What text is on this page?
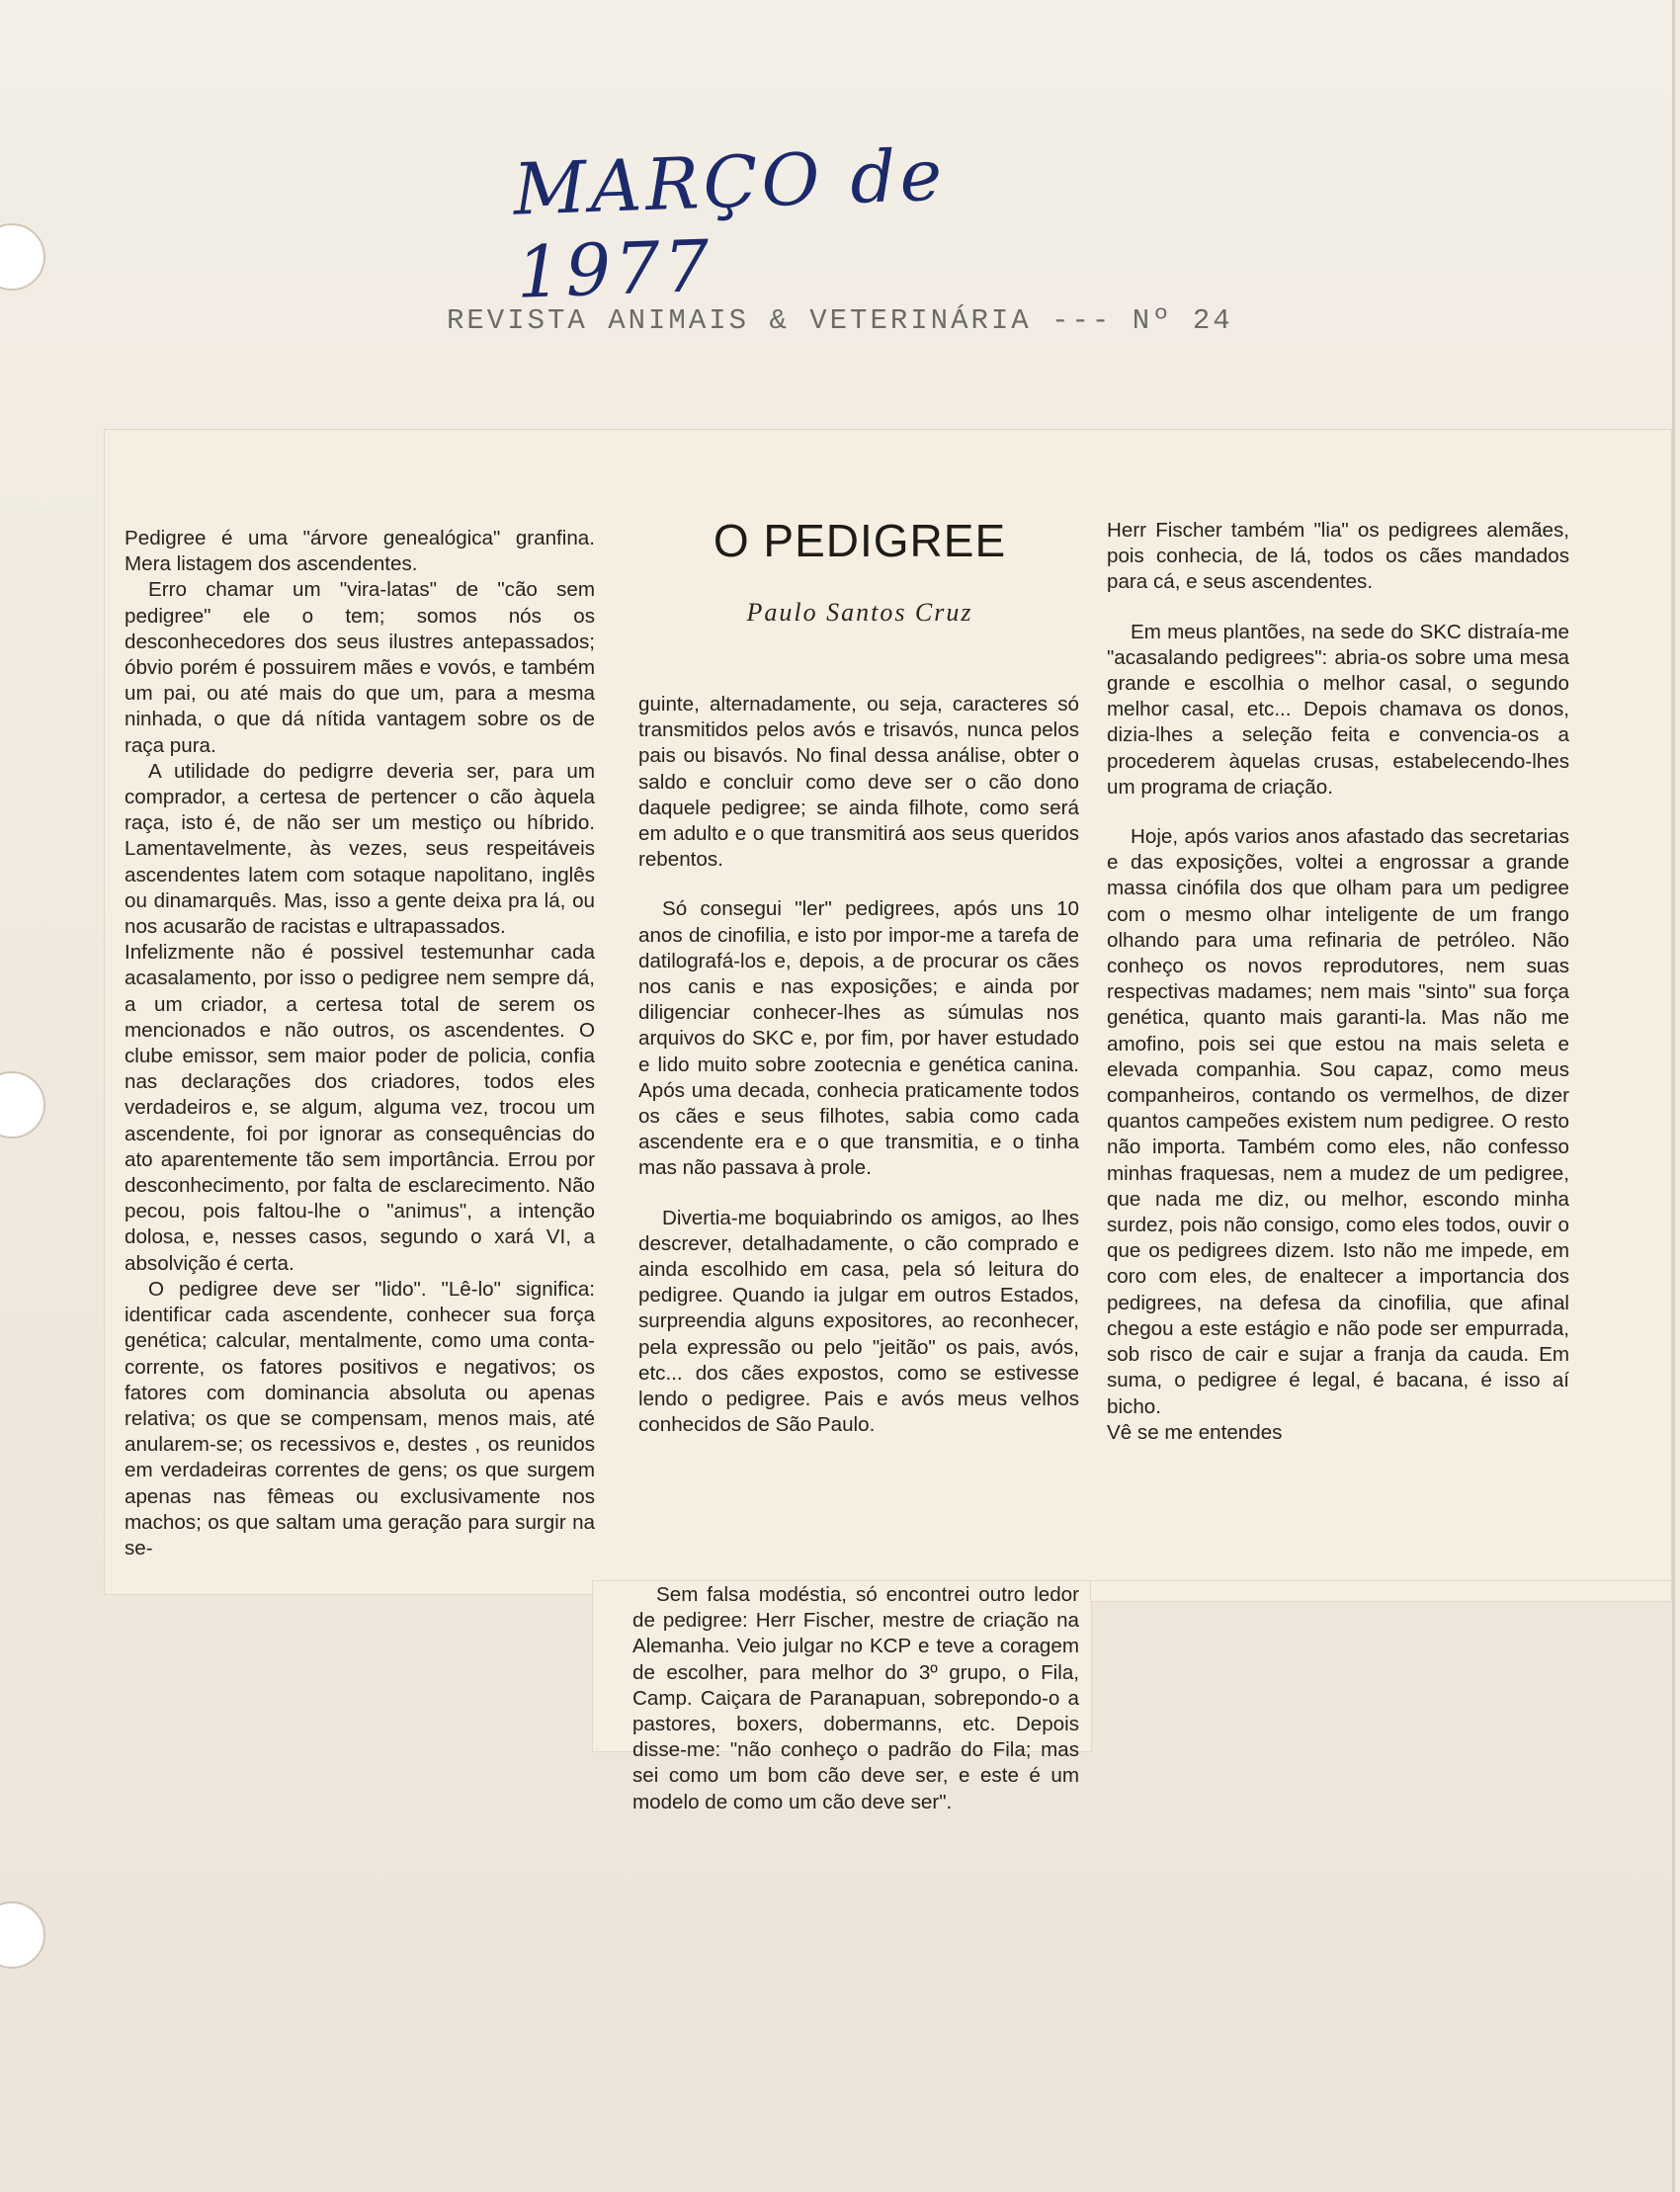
MARÇO de 1977
REVISTA ANIMAIS & VETERINÁRIA --- Nº 24
O PEDIGREE
Paulo Santos Cruz

Pedigree é uma "árvore genealógica" granfina. Mera listagem dos ascendentes.

Erro chamar um "vira-latas" de "cão sem pedigree" ele o tem; somos nós os desconhecedores dos seus ilustres antepassados; óbvio porém é possuirem mães e vovós, e também um pai, ou até mais do que um, para a mesma ninhada, o que dá nítida vantagem sobre os de raça pura.

A utilidade do pedigrre deveria ser, para um comprador, a certesa de pertencer o cão àquela raça, isto é, de não ser um mestiço ou híbrido. Lamentavelmente, às vezes, seus respeitáveis ascendentes latem com sotaque napolitano, inglês ou dinamarquês. Mas, isso a gente deixa pra lá, ou nos acusarão de racistas e ultrapassados.

Infelizmente não é possivel testemunhar cada acasalamento, por isso o pedigree nem sempre dá, a um criador, a certesa total de serem os mencionados e não outros, os ascendentes. O clube emissor, sem maior poder de policia, confia nas declarações dos criadores, todos eles verdadeiros e, se algum, alguma vez, trocou um ascendente, foi por ignorar as consequências do ato aparentemente tão sem importância. Errou por desconhecimento, por falta de esclarecimento. Não pecou, pois faltou-lhe o "animus", a intenção dolosa, e, nesses casos, segundo o xará VI, a absolvição é certa.

O pedigree deve ser "lido". "Lê-lo" significa: identificar cada ascendente, conhecer sua força genética; calcular, mentalmente, como uma conta-corrente, os fatores positivos e negativos; os fatores com dominancia absoluta ou apenas relativa; os que se compensam, menos mais, até anularem-se; os recessivos e, destes , os reunidos em verdadeiras correntes de gens; os que surgem apenas nas fêmeas ou exclusivamente nos machos; os que saltam uma geração para surgir na se-

guinte, alternadamente, ou seja, caracteres só transmitidos pelos avós e trisavós, nunca pelos pais ou bisavós. No final dessa análise, obter o saldo e concluir como deve ser o cão dono daquele pedigree; se ainda filhote, como será em adulto e o que transmitirá aos seus queridos rebentos.

Só consegui "ler" pedigrees, após uns 10 anos de cinofilia, e isto por impor-me a tarefa de datilografá-los e, depois, a de procurar os cães nos canis e nas exposições; e ainda por diligenciar conhecer-lhes as súmulas nos arquivos do SKC e, por fim, por haver estudado e lido muito sobre zootecnia e genética canina. Após uma decada, conhecia praticamente todos os cães e seus filhotes, sabia como cada ascendente era e o que transmitia, e o tinha mas não passava à prole.

Divertia-me boquiabrindo os amigos, ao lhes descrever, detalhadamente, o cão comprado e ainda escolhido em casa, pela só leitura do pedigree. Quando ia julgar em outros Estados, surpreendia alguns expositores, ao reconhecer, pela expressão ou pelo "jeitão" os pais, avós, etc... dos cães expostos, como se estivesse lendo o pedigree. Pais e avós meus velhos conhecidos de São Paulo.

Sem falsa modéstia, só encontrei outro ledor de pedigree: Herr Fischer, mestre de criação na Alemanha. Veio julgar no KCP e teve a coragem de escolher, para melhor do 3º grupo, o Fila, Camp. Caiçara de Paranapuan, sobrepondo-o a pastores, boxers, dobermanns, etc. Depois disse-me: "não conheço o padrão do Fila; mas sei como um bom cão deve ser, e este é um modelo de como um cão deve ser".

Herr Fischer também "lia" os pedigrees alemães, pois conhecia, de lá, todos os cães mandados para cá, e seus ascendentes.

Em meus plantões, na sede do SKC distraía-me "acasalando pedigrees": abria-os sobre uma mesa grande e escolhia o melhor casal, o segundo melhor casal, etc... Depois chamava os donos, dizia-lhes a seleção feita e convencia-os a procederem àquelas crusas, estabelecendo-lhes um programa de criação.

Hoje, após varios anos afastado das secretarias e das exposições, voltei a engrossar a grande massa cinófila dos que olham para um pedigree com o mesmo olhar inteligente de um frango olhando para uma refinaria de petróleo. Não conheço os novos reprodutores, nem suas respectivas madames; nem mais "sinto" sua força genética, quanto mais garanti-la. Mas não me amofino, pois sei que estou na mais seleta e elevada companhia. Sou capaz, como meus companheiros, contando os vermelhos, de dizer quantos campeões existem num pedigree. O resto não importa. Também como eles, não confesso minhas fraquesas, nem a mudez de um pedigree, que nada me diz, ou melhor, escondo minha surdez, pois não consigo, como eles todos, ouvir o que os pedigrees dizem. Isto não me impede, em coro com eles, de enaltecer a importancia dos pedigrees, na defesa da cinofilia, que afinal chegou a este estágio e não pode ser empurrada, sob risco de cair e sujar a franja da cauda. Em suma, o pedigree é legal, é bacana, é isso aí bicho.

Vê se me entendes
